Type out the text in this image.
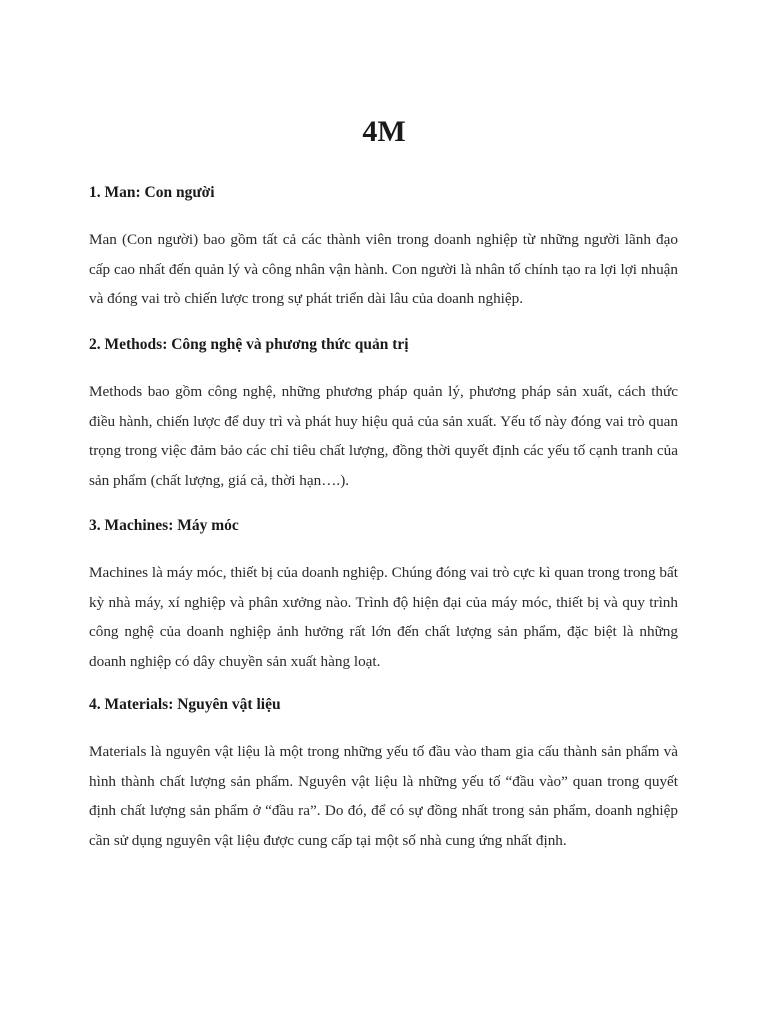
4M
1. Man: Con người

Man (Con người) bao gồm tất cả các thành viên trong doanh nghiệp từ những người lãnh đạo cấp cao nhất đến quản lý và công nhân vận hành. Con người là nhân tố chính tạo ra lợi lợi nhuận và đóng vai trò chiến lược trong sự phát triển dài lâu của doanh nghiệp.

2. Methods: Công nghệ và phương thức quản trị

Methods bao gồm công nghệ, những phương pháp quản lý, phương pháp sản xuất, cách thức điều hành, chiến lược để duy trì và phát huy hiệu quả của sản xuất. Yếu tố này đóng vai trò quan trọng trong việc đảm bảo các chỉ tiêu chất lượng, đồng thời quyết định các yếu tố cạnh tranh của sản phẩm (chất lượng, giá cả, thời hạn….).

3. Machines: Máy móc

Machines là máy móc, thiết bị của doanh nghiệp. Chúng đóng vai trò cực kì quan trong trong bất kỳ nhà máy, xí nghiệp và phân xưởng nào. Trình độ hiện đại của máy móc, thiết bị và quy trình công nghệ của doanh nghiệp ảnh hưởng rất lớn đến chất lượng sản phẩm, đặc biệt là những doanh nghiệp có dây chuyền sản xuất hàng loạt.

4. Materials: Nguyên vật liệu

Materials là nguyên vật liệu là một trong những yếu tố đầu vào tham gia cấu thành sản phẩm và hình thành chất lượng sản phẩm. Nguyên vật liệu là những yếu tố “đầu vào” quan trong quyết định chất lượng sản phẩm ở “đầu ra”. Do đó, để có sự đồng nhất trong sản phẩm, doanh nghiệp cần sử dụng nguyên vật liệu được cung cấp tại một số nhà cung ứng nhất định.
